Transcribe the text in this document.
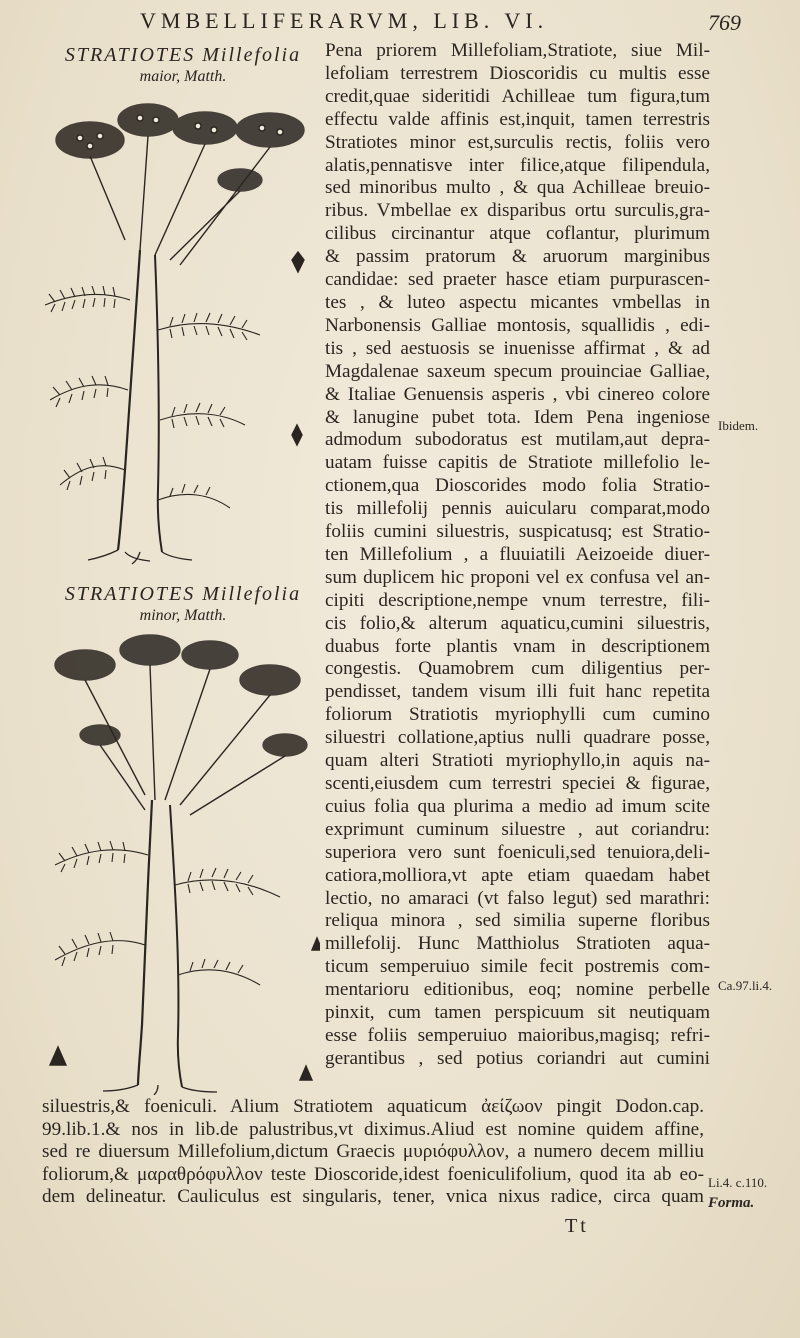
VMBELLIFERARVM, LIB. VI.	769
STRATIOTES Millefolia
maior, Matth.
STRATIOTES Millefolia
minor, Matth.
Pena priorem Millefoliam,Stratiote, siue Mil-
lefoliam terrestrem Dioscoridis cu multis esse
credit,quae sideritidi Achilleae tum figura,tum
effectu valde affinis est,inquit, tamen terrestris
Stratiotes minor est,surculis rectis, foliis vero
alatis,pennatisve inter filice,atque filipendula,
sed minoribus multo , & qua Achilleae breuio-
ribus. Vmbellae ex disparibus ortu surculis,gra-
cilibus circinantur atque coflantur, plurimum
& passim pratorum & aruorum marginibus
candidae: sed praeter hasce etiam purpurascen-
tes , & luteo aspectu micantes vmbellas in
Narbonensis Galliae montosis, squallidis , edi-
tis , sed aestuosis se inuenisse affirmat , & ad
Magdalenae saxeum specum prouinciae Galliae,
& Italiae Genuensis asperis , vbi cinereo colore
& lanugine pubet tota. Idem Pena ingeniose
admodum subodoratus est mutilam,aut depra-
uatam fuisse capitis de Stratiote millefolio le-
ctionem,qua Dioscorides modo folia Stratio-
tis millefolij pennis auicularu comparat,modo
foliis cumini siluestris, suspicatusq; est Stratio-
ten Millefolium , a fluuiatili Aeizoeide diuer-
sum duplicem hic proponi vel ex confusa vel an-
cipiti descriptione,nempe vnum terrestre, fili-
cis folio,& alterum aquaticu,cumini siluestris,
duabus forte plantis vnam in descriptionem
congestis. Quamobrem cum diligentius per-
pendisset, tandem visum illi fuit hanc repetita
foliorum Stratiotis myriophylli cum cumino
siluestri collatione,aptius nulli quadrare posse,
quam alteri Stratioti myriophyllo,in aquis na-
scenti,eiusdem cum terrestri speciei & figurae,
cuius folia qua plurima a medio ad imum scite
exprimunt cuminum siluestre , aut coriandru:
superiora vero sunt foeniculi,sed tenuiora,deli-
catiora,molliora,vt apte etiam quaedam habet
lectio, no amaraci (vt falso legut) sed marathri:
reliqua minora , sed similia superne floribus
millefolij. Hunc Matthiolus Stratioten aqua-
ticum semperuiuo simile fecit postremis com-
mentarioru editionibus, eoq; nomine perbelle
pinxit, cum tamen perspicuum sit neutiquam
esse foliis semperuiuo maioribus,magisq; refri-
gerantibus , sed potius coriandri aut cumini
siluestris,& foeniculi. Alium Stratiotem aquaticum ἀείζωον pingit Dodon.cap.
99.lib.1.& nos in lib.de palustribus,vt diximus.Aliud est nomine quidem affine,
sed re diuersum Millefolium,dictum Graecis μυριόφυλλον, a numero decem milliu
foliorum,& μαραθρόφυλλον teste Dioscoride,idest foeniculifolium, quod ita ab eo-
dem delineatur. Cauliculus est singularis, tener, vnica nixus radice, circa quam
Ibidem.
Ca.97.li.4.
Li.4. c.110.
Forma.
Tt
